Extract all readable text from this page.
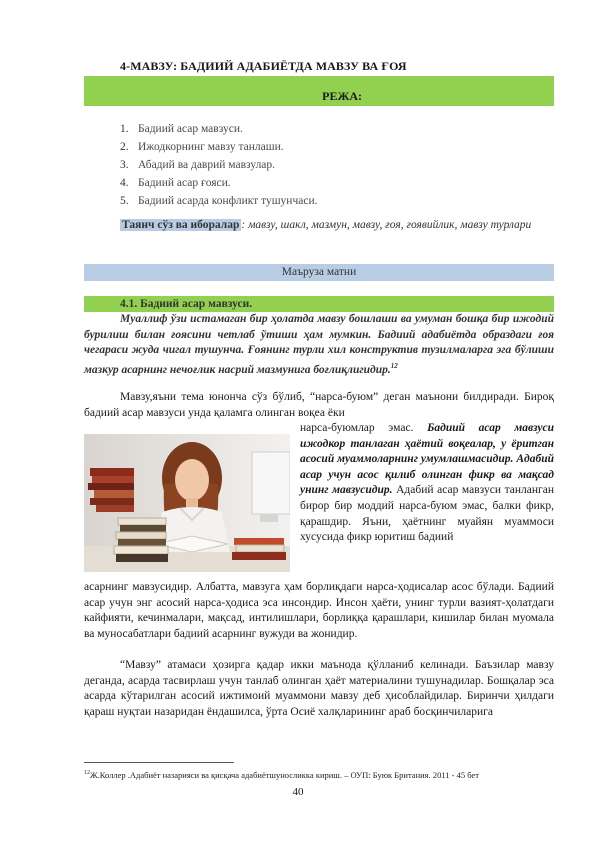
4-МАВЗУ: БАДИИЙ АДАБИЁТДА МАВЗУ ВА ҒОЯ
РЕЖА:
1. Бадиий асар мавзуси.
2. Ижодкорнинг мавзу танлаши.
3. Абадий ва даврий мавзулар.
4. Бадиий асар ғояси.
5. Бадиий асарда конфликт тушунчаси.
Таянч сўз ва иборалар : мавзу, шакл, мазмун, мавзу, ғоя, ғоявийлик, мавзу турлари
Маъруза матни
4.1. Бадиий асар мавзуси.
Муаллиф ўзи истамаган бир ҳолатда мавзу бошлаши ва умуман бошқа бир ижодий бурилиш билан ғоясини четлаб ўтиши ҳам мумкин. Бадиий адабиётда образдаги ғоя чегараси жуда чигал тушунча. Ғоянинг турли хил конструктив тузилмаларга эга бўлиши мазкур асарнинг нечоғлик насрий мазмунига боғлиқлигидир.$^{12}$
Мавзу,яъни тема юнонча сўз бўлиб, “нарса-буюм” деган маънони билдиради. Бироқ бадиий асар мавзуси унда қаламга олинган воқеа ёки
нарса-буюмлар эмас. Бадиий асар мавзуси ижодкор танлаган ҳаётий воқеалар, у ёритган асосий муаммоларнинг умумлашмасидир. Адабий асар учун асос қилиб олинган фикр ва мақсад унинг мавзусидир. Адабий асар мавзуси танланган бирор бир моддий нарса-буюм эмас, балки фикр, қарашдир. Яъни, ҳаётнинг муайян муаммоси хусусида фикр юритиш бадиий
асарнинг мавзусидир. Албатта, мавзуга ҳам борлиқдаги нарса-ҳодисалар асос бўлади. Бадиий асар учун энг асосий нарса-ҳодиса эса инсондир. Инсон ҳаёти, унинг турли вазият-ҳолатдаги кайфияти, кечинмалари, мақсад, интилишлари, борлиққа қарашлари, кишилар билан муомала ва муносабатлари бадиий асарнинг вужуди ва жонидир.
“Мавзу” атамаси ҳозирга қадар икки маънода қўлланиб келинади. Баъзилар мавзу деганда, асарда тасвирлаш учун танлаб олинган ҳаёт материалини тушунадилар. Бошқалар эса асарда кўтарилган асосий ижтимоий муаммони мавзу деб ҳисоблайдилар. Биринчи ҳилдаги қараш нуқтаи назаридан ёндашилса, ўрта Осиё халқларининг араб босқинчиларига
$^{12}$Ж.Коллер .Адабиёт назарияси ва қисқача адабиётшуносликка кириш. – ОУП: Буюк Британия. 2011 - 45 бет
40
